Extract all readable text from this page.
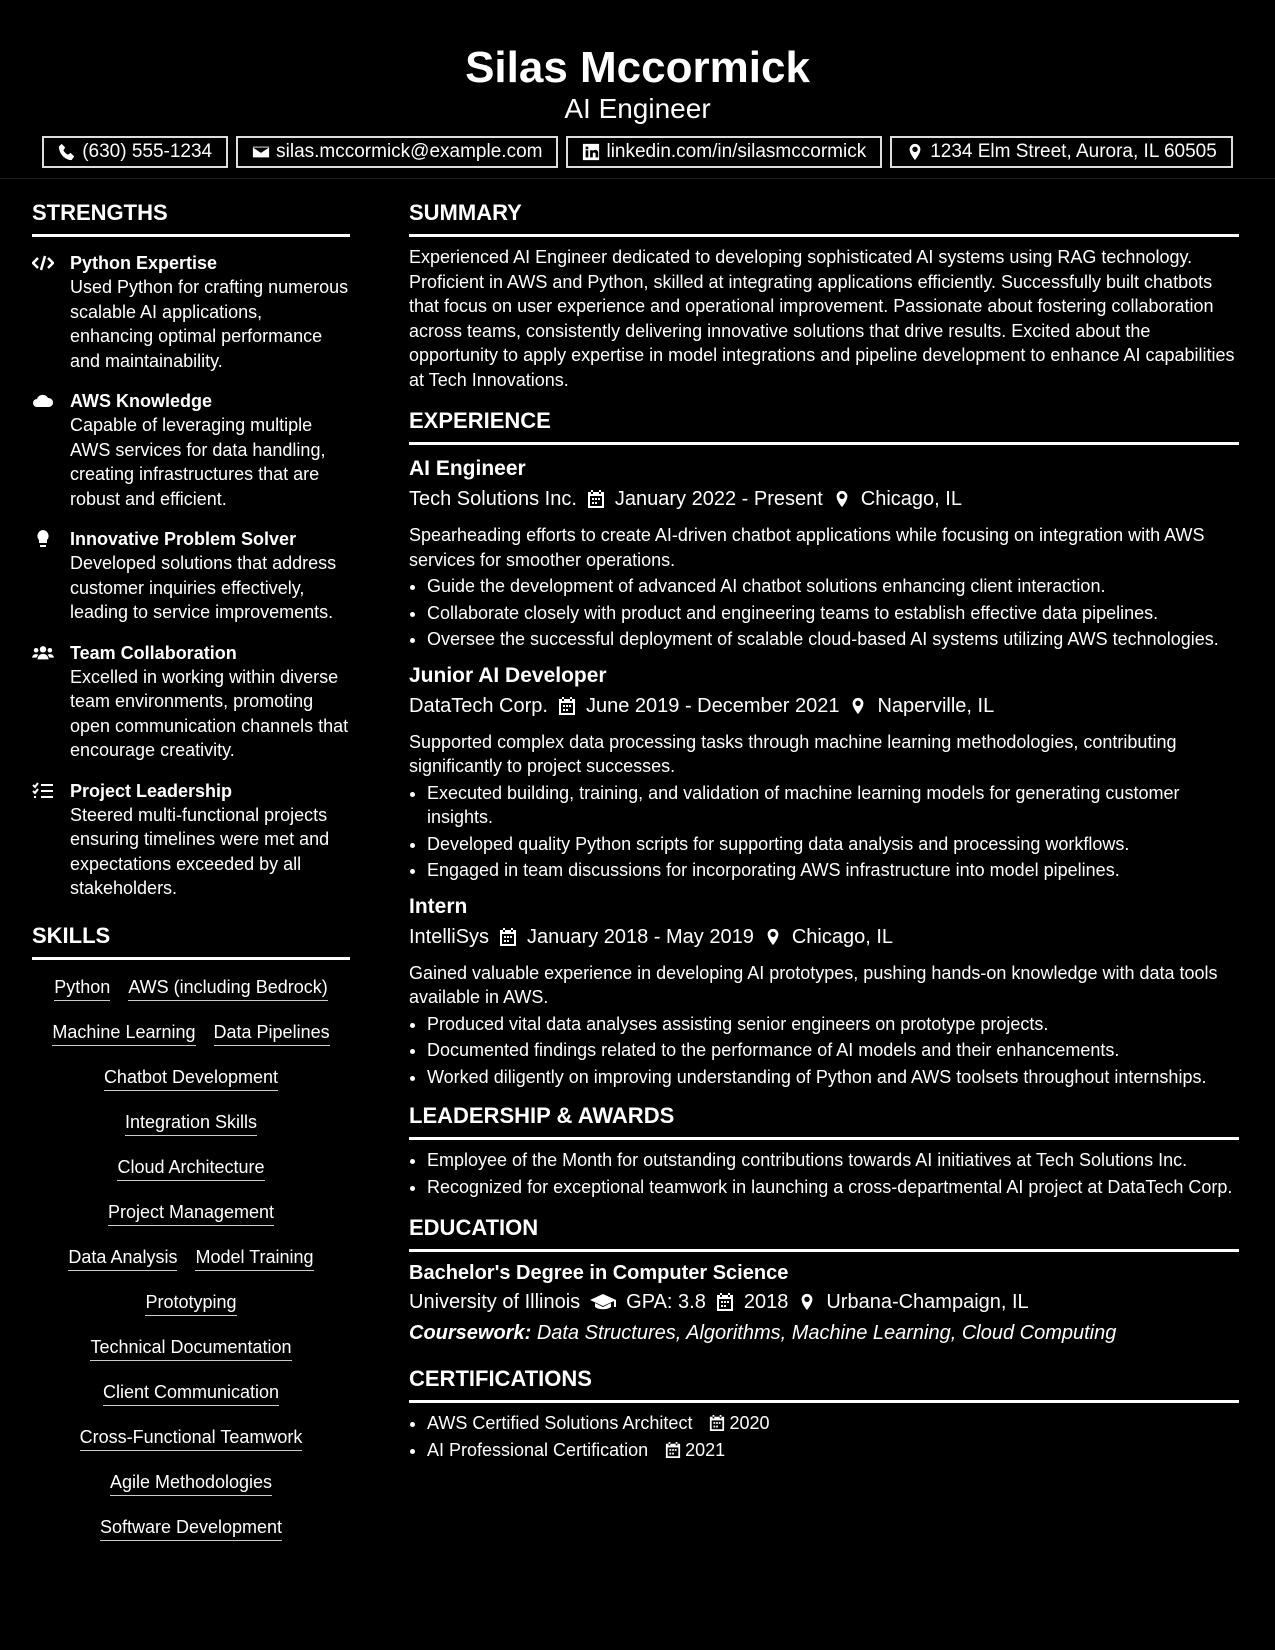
Silas Mccormick
AI Engineer
(630) 555-1234	silas.mccormick@example.com	linkedin.com/in/silasmccormick	1234 Elm Street, Aurora, IL 60505
STRENGTHS
Python Expertise
Used Python for crafting numerous scalable AI applications, enhancing optimal performance and maintainability.
AWS Knowledge
Capable of leveraging multiple AWS services for data handling, creating infrastructures that are robust and efficient.
Innovative Problem Solver
Developed solutions that address customer inquiries effectively, leading to service improvements.
Team Collaboration
Excelled in working within diverse team environments, promoting open communication channels that encourage creativity.
Project Leadership
Steered multi-functional projects ensuring timelines were met and expectations exceeded by all stakeholders.
SKILLS
Python AWS (including Bedrock)
Machine Learning Data Pipelines
Chatbot Development
Integration Skills
Cloud Architecture
Project Management
Data Analysis Model Training
Prototyping
Technical Documentation
Client Communication
Cross-Functional Teamwork
Agile Methodologies
Software Development
SUMMARY
Experienced AI Engineer dedicated to developing sophisticated AI systems using RAG technology. Proficient in AWS and Python, skilled at integrating applications efficiently. Successfully built chatbots that focus on user experience and operational improvement. Passionate about fostering collaboration across teams, consistently delivering innovative solutions that drive results. Excited about the opportunity to apply expertise in model integrations and pipeline development to enhance AI capabilities at Tech Innovations.
EXPERIENCE
AI Engineer
Tech Solutions Inc. January 2022 - Present Chicago, IL
Spearheading efforts to create AI-driven chatbot applications while focusing on integration with AWS services for smoother operations.
• Guide the development of advanced AI chatbot solutions enhancing client interaction.
• Collaborate closely with product and engineering teams to establish effective data pipelines.
• Oversee the successful deployment of scalable cloud-based AI systems utilizing AWS technologies.
Junior AI Developer
DataTech Corp. June 2019 - December 2021 Naperville, IL
Supported complex data processing tasks through machine learning methodologies, contributing significantly to project successes.
• Executed building, training, and validation of machine learning models for generating customer insights.
• Developed quality Python scripts for supporting data analysis and processing workflows.
• Engaged in team discussions for incorporating AWS infrastructure into model pipelines.
Intern
IntelliSys January 2018 - May 2019 Chicago, IL
Gained valuable experience in developing AI prototypes, pushing hands-on knowledge with data tools available in AWS.
• Produced vital data analyses assisting senior engineers on prototype projects.
• Documented findings related to the performance of AI models and their enhancements.
• Worked diligently on improving understanding of Python and AWS toolsets throughout internships.
LEADERSHIP & AWARDS
• Employee of the Month for outstanding contributions towards AI initiatives at Tech Solutions Inc.
• Recognized for exceptional teamwork in launching a cross-departmental AI project at DataTech Corp.
EDUCATION
Bachelor's Degree in Computer Science
University of Illinois GPA: 3.8 2018 Urbana-Champaign, IL
Coursework: Data Structures, Algorithms, Machine Learning, Cloud Computing
CERTIFICATIONS
• AWS Certified Solutions Architect 2020
• AI Professional Certification 2021
